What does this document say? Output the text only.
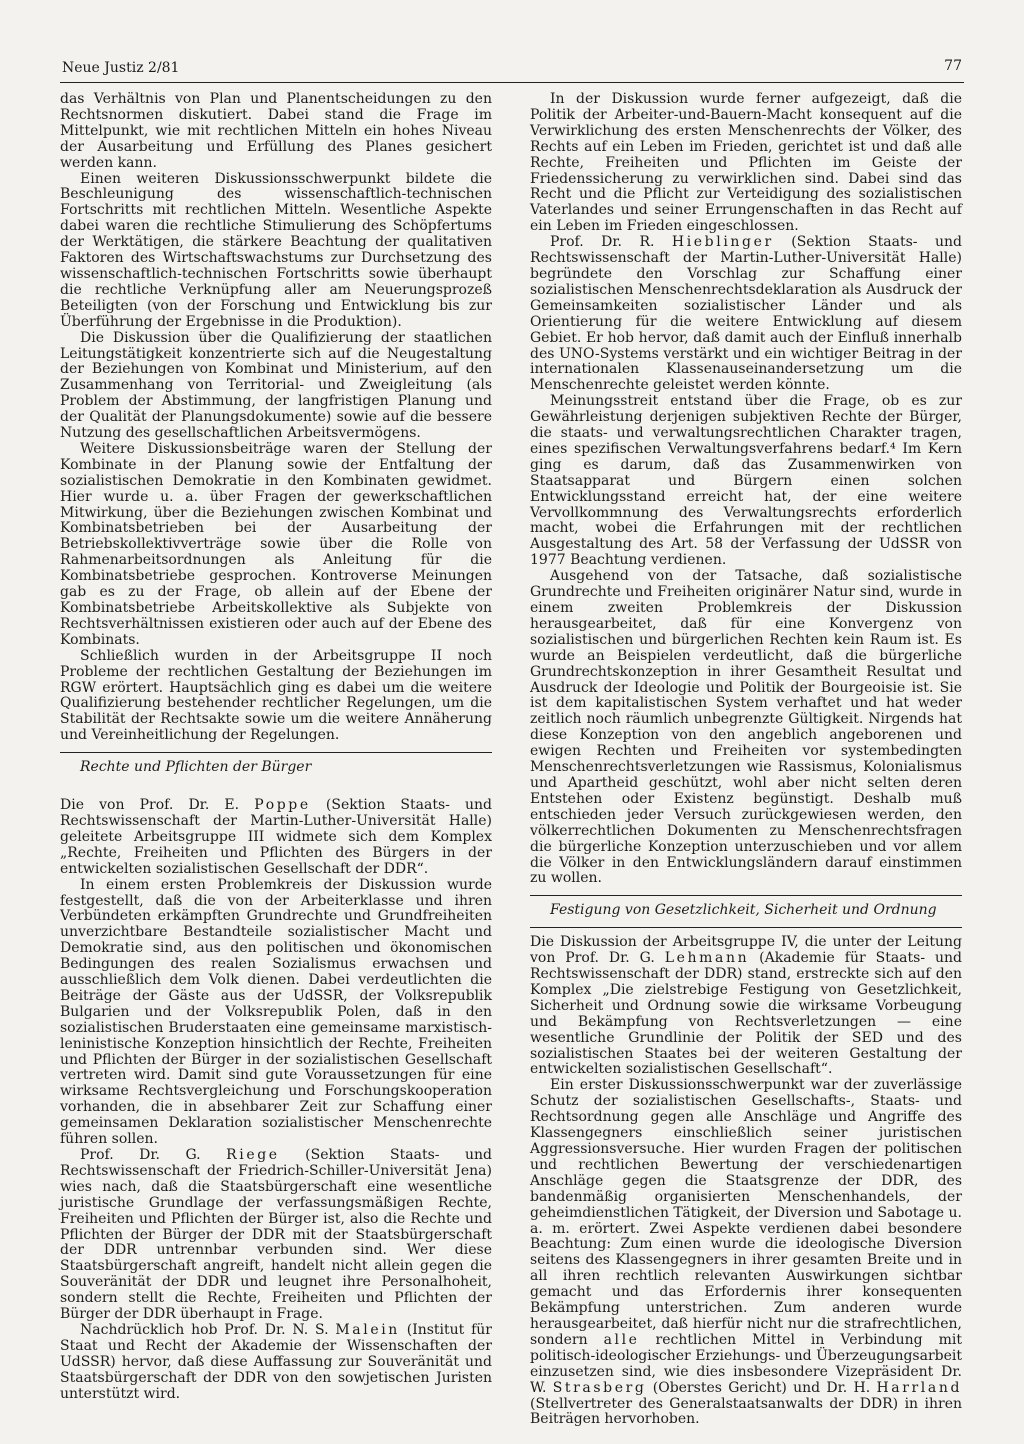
Neue Justiz 2/81	77

das Verhältnis von Plan und Planentscheidungen zu den Rechtsnormen diskutiert. Dabei stand die Frage im Mittelpunkt, wie mit rechtlichen Mitteln ein hohes Niveau der Ausarbeitung und Erfüllung des Planes gesichert werden kann.

Einen weiteren Diskussionsschwerpunkt bildete die Beschleunigung des wissenschaftlich-technischen Fortschritts mit rechtlichen Mitteln. Wesentliche Aspekte dabei waren die rechtliche Stimulierung des Schöpfertums der Werktätigen, die stärkere Beachtung der qualitativen Faktoren des Wirtschaftswachstums zur Durchsetzung des wissenschaftlich-technischen Fortschritts sowie überhaupt die rechtliche Verknüpfung aller am Neuerungsprozeß Beteiligten (von der Forschung und Entwicklung bis zur Überführung der Ergebnisse in die Produktion).

Die Diskussion über die Qualifizierung der staatlichen Leitungstätigkeit konzentrierte sich auf die Neugestaltung der Beziehungen von Kombinat und Ministerium, auf den Zusammenhang von Territorial- und Zweigleitung (als Problem der Abstimmung, der langfristigen Planung und der Qualität der Planungsdokumente) sowie auf die bessere Nutzung des gesellschaftlichen Arbeitsvermögens.

Weitere Diskussionsbeiträge waren der Stellung der Kombinate in der Planung sowie der Entfaltung der sozialistischen Demokratie in den Kombinaten gewidmet. Hier wurde u. a. über Fragen der gewerkschaftlichen Mitwirkung, über die Beziehungen zwischen Kombinat und Kombinatsbetrieben bei der Ausarbeitung der Betriebskollektivverträge sowie über die Rolle von Rahmenarbeitsordnungen als Anleitung für die Kombinatsbetriebe gesprochen. Kontroverse Meinungen gab es zu der Frage, ob allein auf der Ebene der Kombinatsbetriebe Arbeitskollektive als Subjekte von Rechtsverhältnissen existieren oder auch auf der Ebene des Kombinats.

Schließlich wurden in der Arbeitsgruppe II noch Probleme der rechtlichen Gestaltung der Beziehungen im RGW erörtert. Hauptsächlich ging es dabei um die weitere Qualifizierung bestehender rechtlicher Regelungen, um die Stabilität der Rechtsakte sowie um die weitere Annäherung und Vereinheitlichung der Regelungen.

Rechte und Pflichten der Bürger

Die von Prof. Dr. E. Poppe (Sektion Staats- und Rechtswissenschaft der Martin-Luther-Universität Halle) geleitete Arbeitsgruppe III widmete sich dem Komplex „Rechte, Freiheiten und Pflichten des Bürgers in der entwickelten sozialistischen Gesellschaft der DDR“.

In einem ersten Problemkreis der Diskussion wurde festgestellt, daß die von der Arbeiterklasse und ihren Verbündeten erkämpften Grundrechte und Grundfreiheiten unverzichtbare Bestandteile sozialistischer Macht und Demokratie sind, aus den politischen und ökonomischen Bedingungen des realen Sozialismus erwachsen und ausschließlich dem Volk dienen. Dabei verdeutlichten die Beiträge der Gäste aus der UdSSR, der Volksrepublik Bulgarien und der Volksrepublik Polen, daß in den sozialistischen Bruderstaaten eine gemeinsame marxistisch-leninistische Konzeption hinsichtlich der Rechte, Freiheiten und Pflichten der Bürger in der sozialistischen Gesellschaft vertreten wird. Damit sind gute Voraussetzungen für eine wirksame Rechtsvergleichung und Forschungskooperation vorhanden, die in absehbarer Zeit zur Schaffung einer gemeinsamen Deklaration sozialistischer Menschenrechte führen sollen.

Prof. Dr. G. Riege (Sektion Staats- und Rechtswissenschaft der Friedrich-Schiller-Universität Jena) wies nach, daß die Staatsbürgerschaft eine wesentliche juristische Grundlage der verfassungsmäßigen Rechte, Freiheiten und Pflichten der Bürger ist, also die Rechte und Pflichten der Bürger der DDR mit der Staatsbürgerschaft der DDR untrennbar verbunden sind. Wer diese Staatsbürgerschaft angreift, handelt nicht allein gegen die Souveränität der DDR und leugnet ihre Personalhoheit, sondern stellt die Rechte, Freiheiten und Pflichten der Bürger der DDR überhaupt in Frage.

Nachdrücklich hob Prof. Dr. N. S. Malein (Institut für Staat und Recht der Akademie der Wissenschaften der UdSSR) hervor, daß diese Auffassung zur Souveränität und Staatsbürgerschaft der DDR von den sowjetischen Juristen unterstützt wird.

In der Diskussion wurde ferner aufgezeigt, daß die Politik der Arbeiter-und-Bauern-Macht konsequent auf die Verwirklichung des ersten Menschenrechts der Völker, des Rechts auf ein Leben im Frieden, gerichtet ist und daß alle Rechte, Freiheiten und Pflichten im Geiste der Friedenssicherung zu verwirklichen sind. Dabei sind das Recht und die Pflicht zur Verteidigung des sozialistischen Vaterlandes und seiner Errungenschaften in das Recht auf ein Leben im Frieden eingeschlossen.

Prof. Dr. R. Hieblinger (Sektion Staats- und Rechtswissenschaft der Martin-Luther-Universität Halle) begründete den Vorschlag zur Schaffung einer sozialistischen Menschenrechtsdeklaration als Ausdruck der Gemeinsamkeiten sozialistischer Länder und als Orientierung für die weitere Entwicklung auf diesem Gebiet. Er hob hervor, daß damit auch der Einfluß innerhalb des UNO-Systems verstärkt und ein wichtiger Beitrag in der internationalen Klassenauseinandersetzung um die Menschenrechte geleistet werden könnte.

Meinungsstreit entstand über die Frage, ob es zur Gewährleistung derjenigen subjektiven Rechte der Bürger, die staats- und verwaltungsrechtlichen Charakter tragen, eines spezifischen Verwaltungsverfahrens bedarf.⁴ Im Kern ging es darum, daß das Zusammenwirken von Staatsapparat und Bürgern einen solchen Entwicklungsstand erreicht hat, der eine weitere Vervollkommnung des Verwaltungsrechts erforderlich macht, wobei die Erfahrungen mit der rechtlichen Ausgestaltung des Art. 58 der Verfassung der UdSSR von 1977 Beachtung verdienen.

Ausgehend von der Tatsache, daß sozialistische Grundrechte und Freiheiten originärer Natur sind, wurde in einem zweiten Problemkreis der Diskussion herausgearbeitet, daß für eine Konvergenz von sozialistischen und bürgerlichen Rechten kein Raum ist. Es wurde an Beispielen verdeutlicht, daß die bürgerliche Grundrechtskonzeption in ihrer Gesamtheit Resultat und Ausdruck der Ideologie und Politik der Bourgeoisie ist. Sie ist dem kapitalistischen System verhaftet und hat weder zeitlich noch räumlich unbegrenzte Gültigkeit. Nirgends hat diese Konzeption von den angeblich angeborenen und ewigen Rechten und Freiheiten vor systembedingten Menschenrechtsverletzungen wie Rassismus, Kolonialismus und Apartheid geschützt, wohl aber nicht selten deren Entstehen oder Existenz begünstigt. Deshalb muß entschieden jeder Versuch zurückgewiesen werden, den völkerrechtlichen Dokumenten zu Menschenrechtsfragen die bürgerliche Konzeption unterzuschieben und vor allem die Völker in den Entwicklungsländern darauf einstimmen zu wollen.

Festigung von Gesetzlichkeit, Sicherheit und Ordnung

Die Diskussion der Arbeitsgruppe IV, die unter der Leitung von Prof. Dr. G. Lehmann (Akademie für Staats- und Rechtswissenschaft der DDR) stand, erstreckte sich auf den Komplex „Die zielstrebige Festigung von Gesetzlichkeit, Sicherheit und Ordnung sowie die wirksame Vorbeugung und Bekämpfung von Rechtsverletzungen — eine wesentliche Grundlinie der Politik der SED und des sozialistischen Staates bei der weiteren Gestaltung der entwickelten sozialistischen Gesellschaft“.

Ein erster Diskussionsschwerpunkt war der zuverlässige Schutz der sozialistischen Gesellschafts-, Staats- und Rechtsordnung gegen alle Anschläge und Angriffe des Klassengegners einschließlich seiner juristischen Aggressionsversuche. Hier wurden Fragen der politischen und rechtlichen Bewertung der verschiedenartigen Anschläge gegen die Staatsgrenze der DDR, des bandenmäßig organisierten Menschenhandels, der geheimdienstlichen Tätigkeit, der Diversion und Sabotage u. a. m. erörtert. Zwei Aspekte verdienen dabei besondere Beachtung: Zum einen wurde die ideologische Diversion seitens des Klassengegners in ihrer gesamten Breite und in all ihren rechtlich relevanten Auswirkungen sichtbar gemacht und das Erfordernis ihrer konsequenten Bekämpfung unterstrichen. Zum anderen wurde herausgearbeitet, daß hierfür nicht nur die strafrechtlichen, sondern alle rechtlichen Mittel in Verbindung mit politisch-ideologischer Erziehungs- und Überzeugungsarbeit einzusetzen sind, wie dies insbesondere Vizepräsident Dr. W. Strasberg (Oberstes Gericht) und Dr. H. Harrland (Stellvertreter des Generalstaatsanwalts der DDR) in ihren Beiträgen hervorhoben.
